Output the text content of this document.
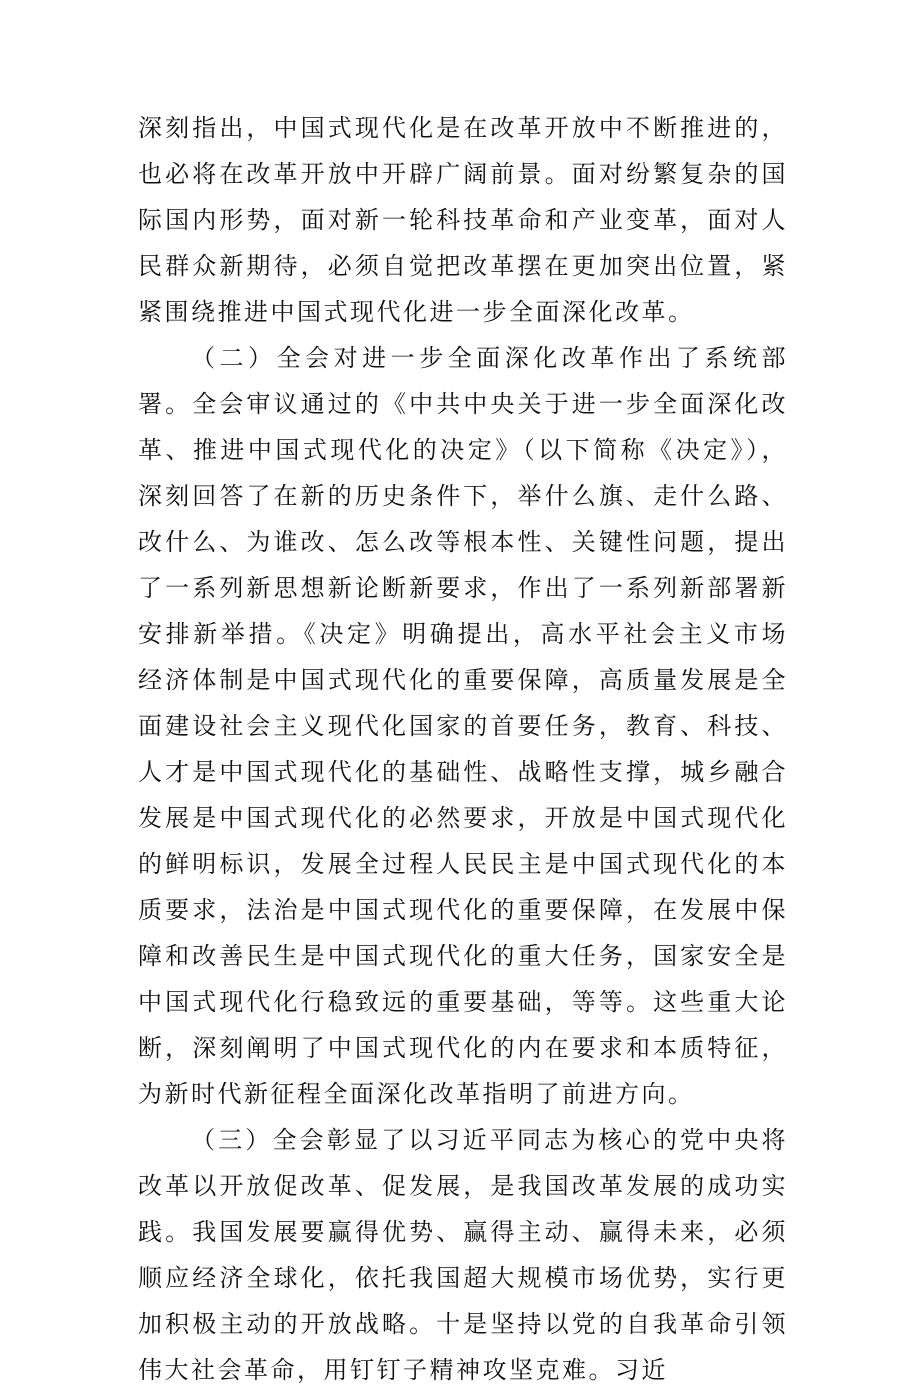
深刻指出，中国式现代化是在改革开放中不断推进的，也必将在改革开放中开辟广阔前景。面对纷繁复杂的国际国内形势，面对新一轮科技革命和产业变革，面对人民群众新期待，必须自觉把改革摆在更加突出位置，紧紧围绕推进中国式现代化进一步全面深化改革。

（二）全会对进一步全面深化改革作出了系统部署。全会审议通过的《中共中央关于进一步全面深化改革、推进中国式现代化的决定》（以下简称《决定》），深刻回答了在新的历史条件下，举什么旗、走什么路、改什么、为谁改、怎么改等根本性、关键性问题，提出了一系列新思想新论断新要求，作出了一系列新部署新安排新举措。《决定》明确提出，高水平社会主义市场经济体制是中国式现代化的重要保障，高质量发展是全面建设社会主义现代化国家的首要任务，教育、科技、人才是中国式现代化的基础性、战略性支撑，城乡融合发展是中国式现代化的必然要求，开放是中国式现代化的鲜明标识，发展全过程人民民主是中国式现代化的本质要求，法治是中国式现代化的重要保障，在发展中保障和改善民生是中国式现代化的重大任务，国家安全是中国式现代化行稳致远的重要基础，等等。这些重大论断，深刻阐明了中国式现代化的内在要求和本质特征，为新时代新征程全面深化改革指明了前进方向。

（三）全会彰显了以习近平同志为核心的党中央将改革以开放促改革、促发展，是我国改革发展的成功实践。我国发展要赢得优势、赢得主动、赢得未来，必须顺应经济全球化，依托我国超大规模市场优势，实行更加积极主动的开放战略。十是坚持以党的自我革命引领伟大社会革命，用钉钉子精神攻坚克难。习近
